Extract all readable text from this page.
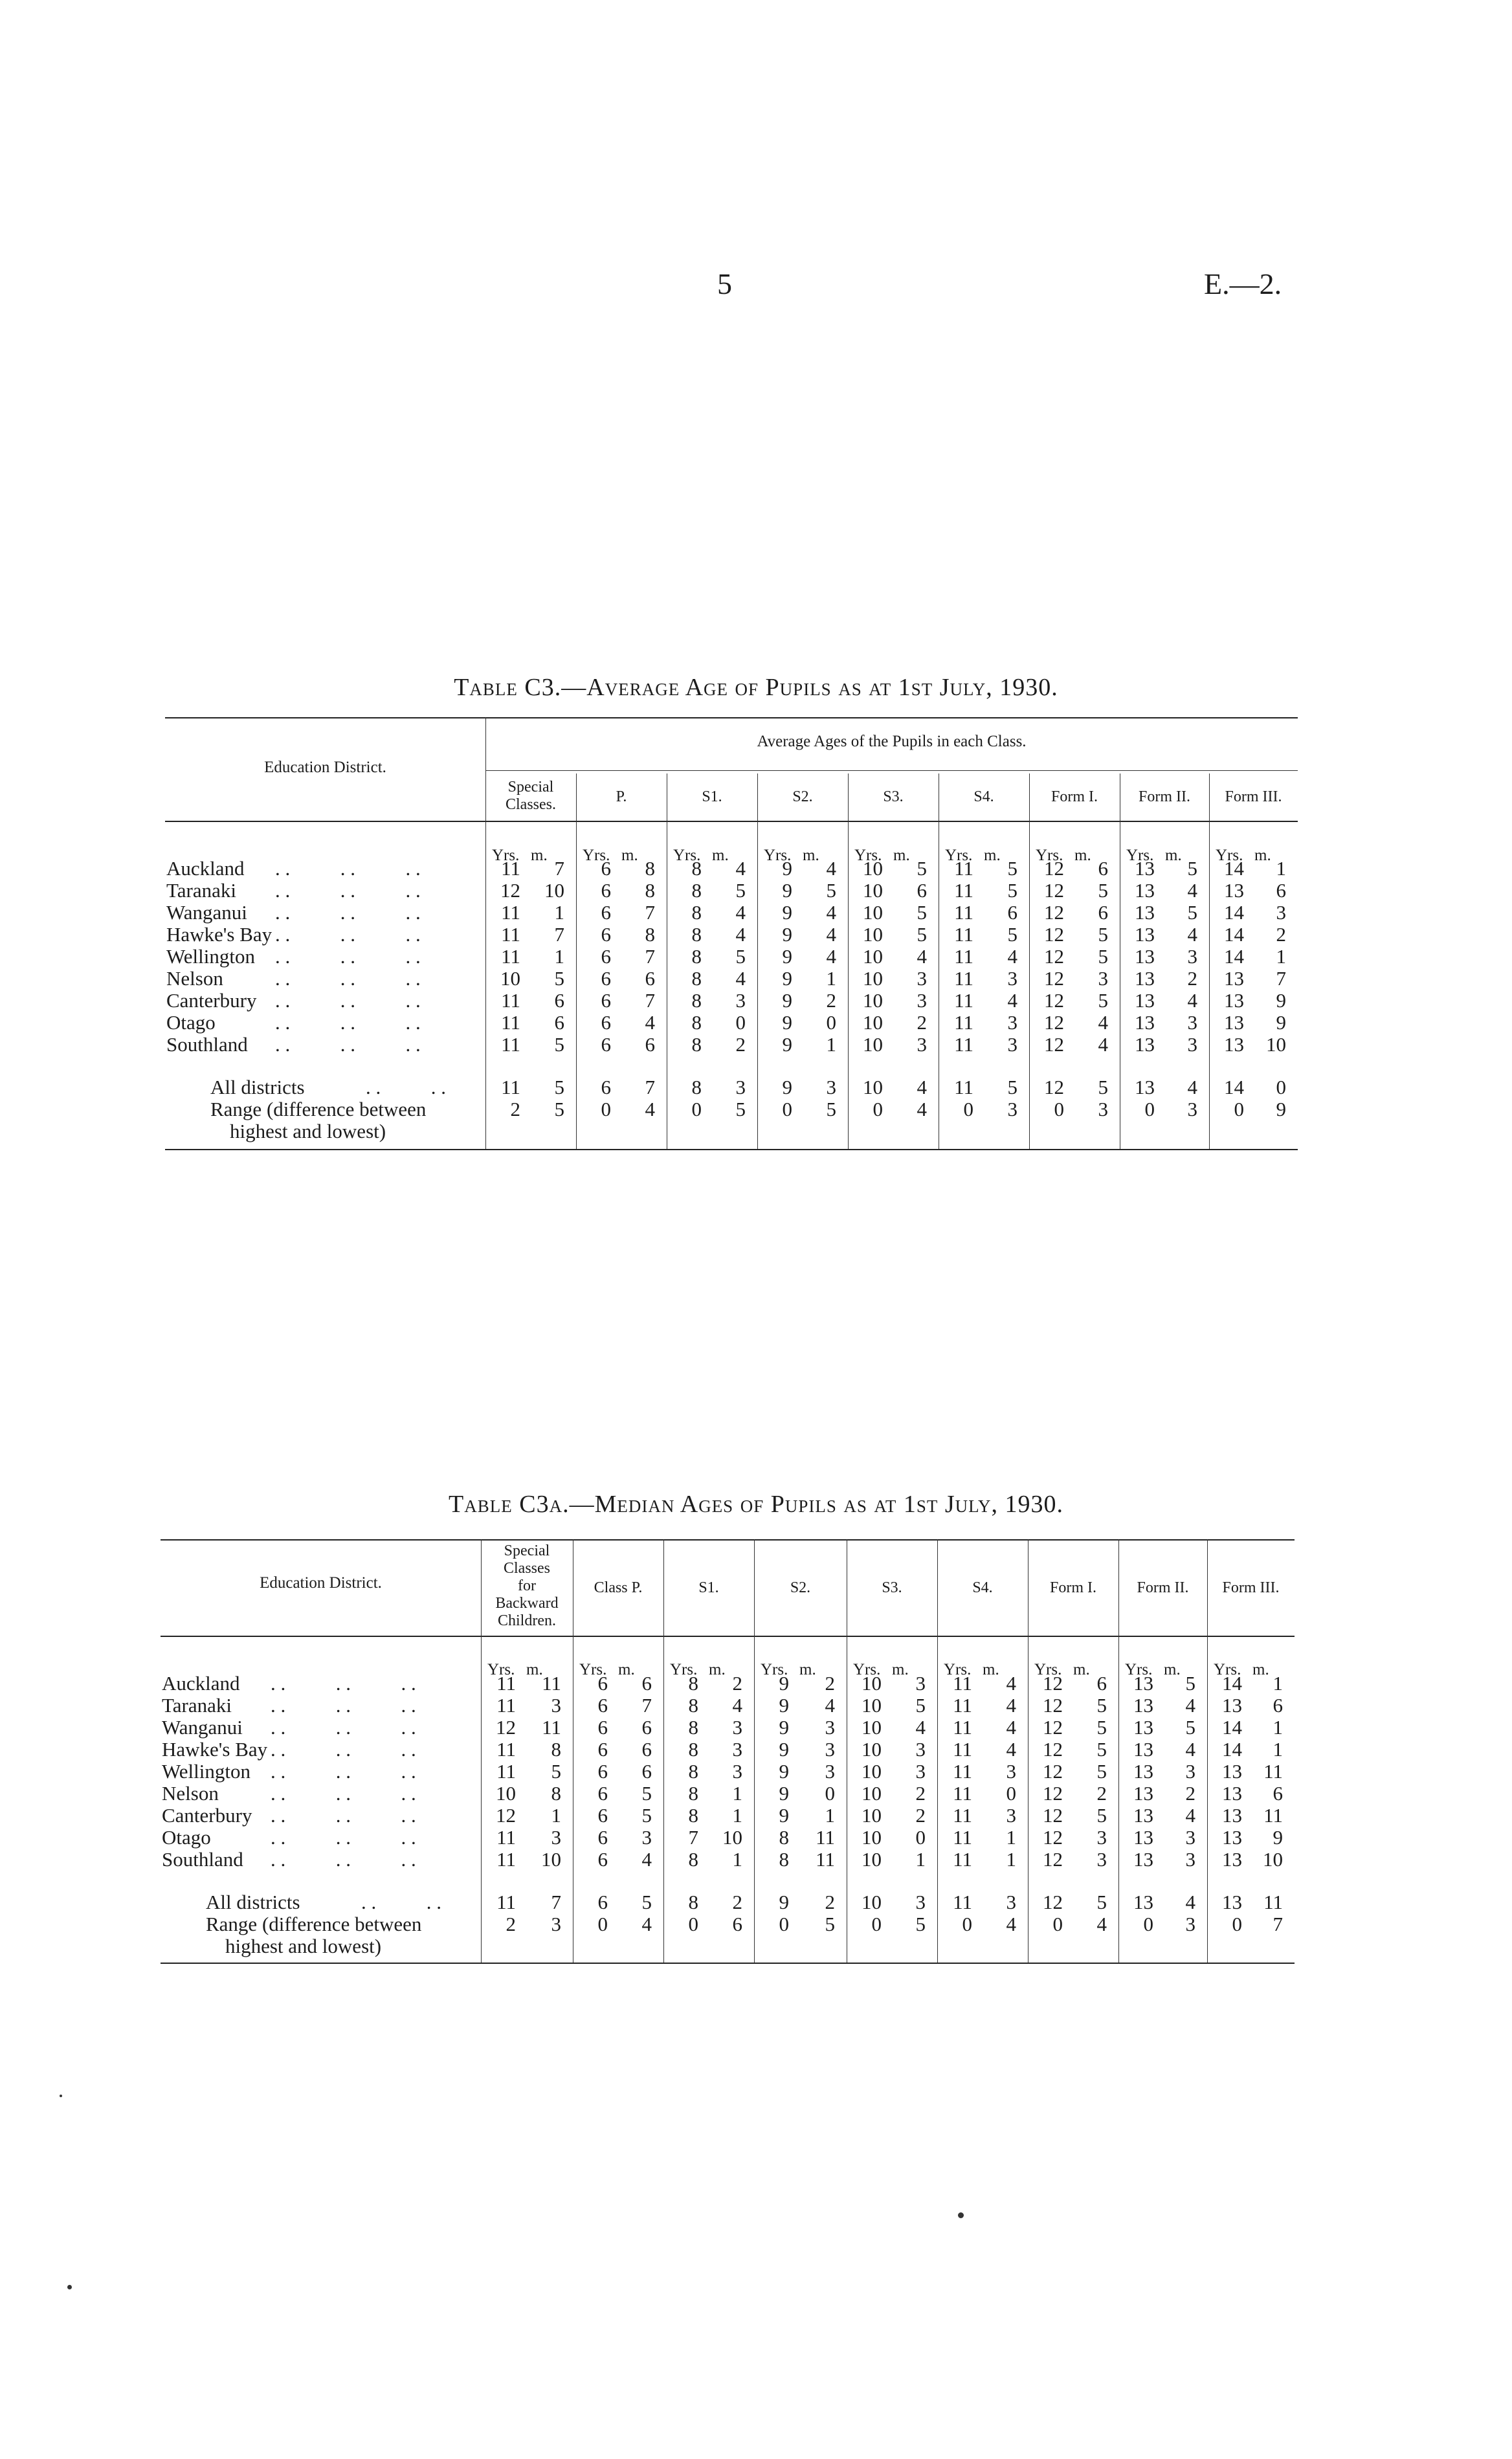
5	E.—2.
Table C3.—Average Age of Pupils as at 1st July, 1930.
Education District.
Average Ages of the Pupils in each Class.
Special
Classes.	P.	S1.	S2.	S3.	S4.	Form I.	Form II.	Form III.
Yrs. m. Yrs. m. Yrs. m. Yrs. m. Yrs. m. Yrs. m. Yrs. m. Yrs. m. Yrs. m.
Auckland . .          . .          . .	11	7	6	8	8	4	9	4	10	5	11	5	12	6	13	5	14	1
Taranaki . .          . .          . .	12	10	6	8	8	5	9	5	10	6	11	5	12	5	13	4	13	6
Wanganui . .          . .          . .	11	1	6	7	8	4	9	4	10	5	11	6	12	6	13	5	14	3
Hawke's Bay . .          . .          . .	11	7	6	8	8	4	9	4	10	5	11	5	12	5	13	4	14	2
Wellington . .          . .          . .	11	1	6	7	8	5	9	4	10	4	11	4	12	5	13	3	14	1
Nelson	. .          . .          . .	10	5	6	6	8	4	9	1	10	3	11	3	12	3	13	2	13	7
Canterbury . .          . .          . .	11	6	6	7	8	3	9	2	10	3	11	4	12	5	13	4	13	9
Otago	. .          . .          . .	11	6	6	4	8	0	9	0	10	2	11	3	12	4	13	3	13	9
Southland . .          . .          . .	11	5	6	6	8	2	9	1	10	3	11	3	12	4	13	3	13	10
All districts	. .          . .	11	5	6	7	8	3	9	3	10	4	11	5	12	5	13	4	14	0
Range (difference between
highest and lowest)
2	5	0	4	0	5	0	5	0	4	0	3	0	3	0	3	0	9
Table C3a.—Median Ages of Pupils as at 1st July, 1930.
Education District.
Special
Classes
for
Backward
Children.
Class P.	S1.	S2.	S3.	S4.	Form I.	Form II.	Form III.
Yrs. m. Yrs. m. Yrs. m. Yrs. m. Yrs. m. Yrs. m. Yrs. m. Yrs. m. Yrs. m.
Auckland . .          . .          . .	11	11	6	6	8	2	9	2	10	3	11	4	12	6	13	5	14	1
Taranaki . .          . .          . .	11	3	6	7	8	4	9	4	10	5	11	4	12	5	13	4	13	6
Wanganui . .          . .          . .	12	11	6	6	8	3	9	3	10	4	11	4	12	5	13	5	14	1
Hawke's Bay . .          . .          . .	11	8	6	6	8	3	9	3	10	3	11	4	12	5	13	4	14	1
Wellington . .          . .          . .	11	5	6	6	8	3	9	3	10	3	11	3	12	5	13	3	13	11
Nelson	. .          . .          . .	10	8	6	5	8	1	9	0	10	2	11	0	12	2	13	2	13	6
Canterbury . .          . .          . .	12	1	6	5	8	1	9	1	10	2	11	3	12	5	13	4	13	11
Otago	. .          . .          . .	11	3	6	3	7	10	8	11	10	0	11	1	12	3	13	3	13	9
Southland . .          . .          . .	11	10	6	4	8	1	8	11	10	1	11	1	12	3	13	3	13	10
All districts	. .          . .	11	7	6	5	8	2	9	2	10	3	11	3	12	5	13	4	13	11
Range (difference between
highest and lowest)
2	3	0	4	0	6	0	5	0	5	0	4	0	4	0	3	0	7
